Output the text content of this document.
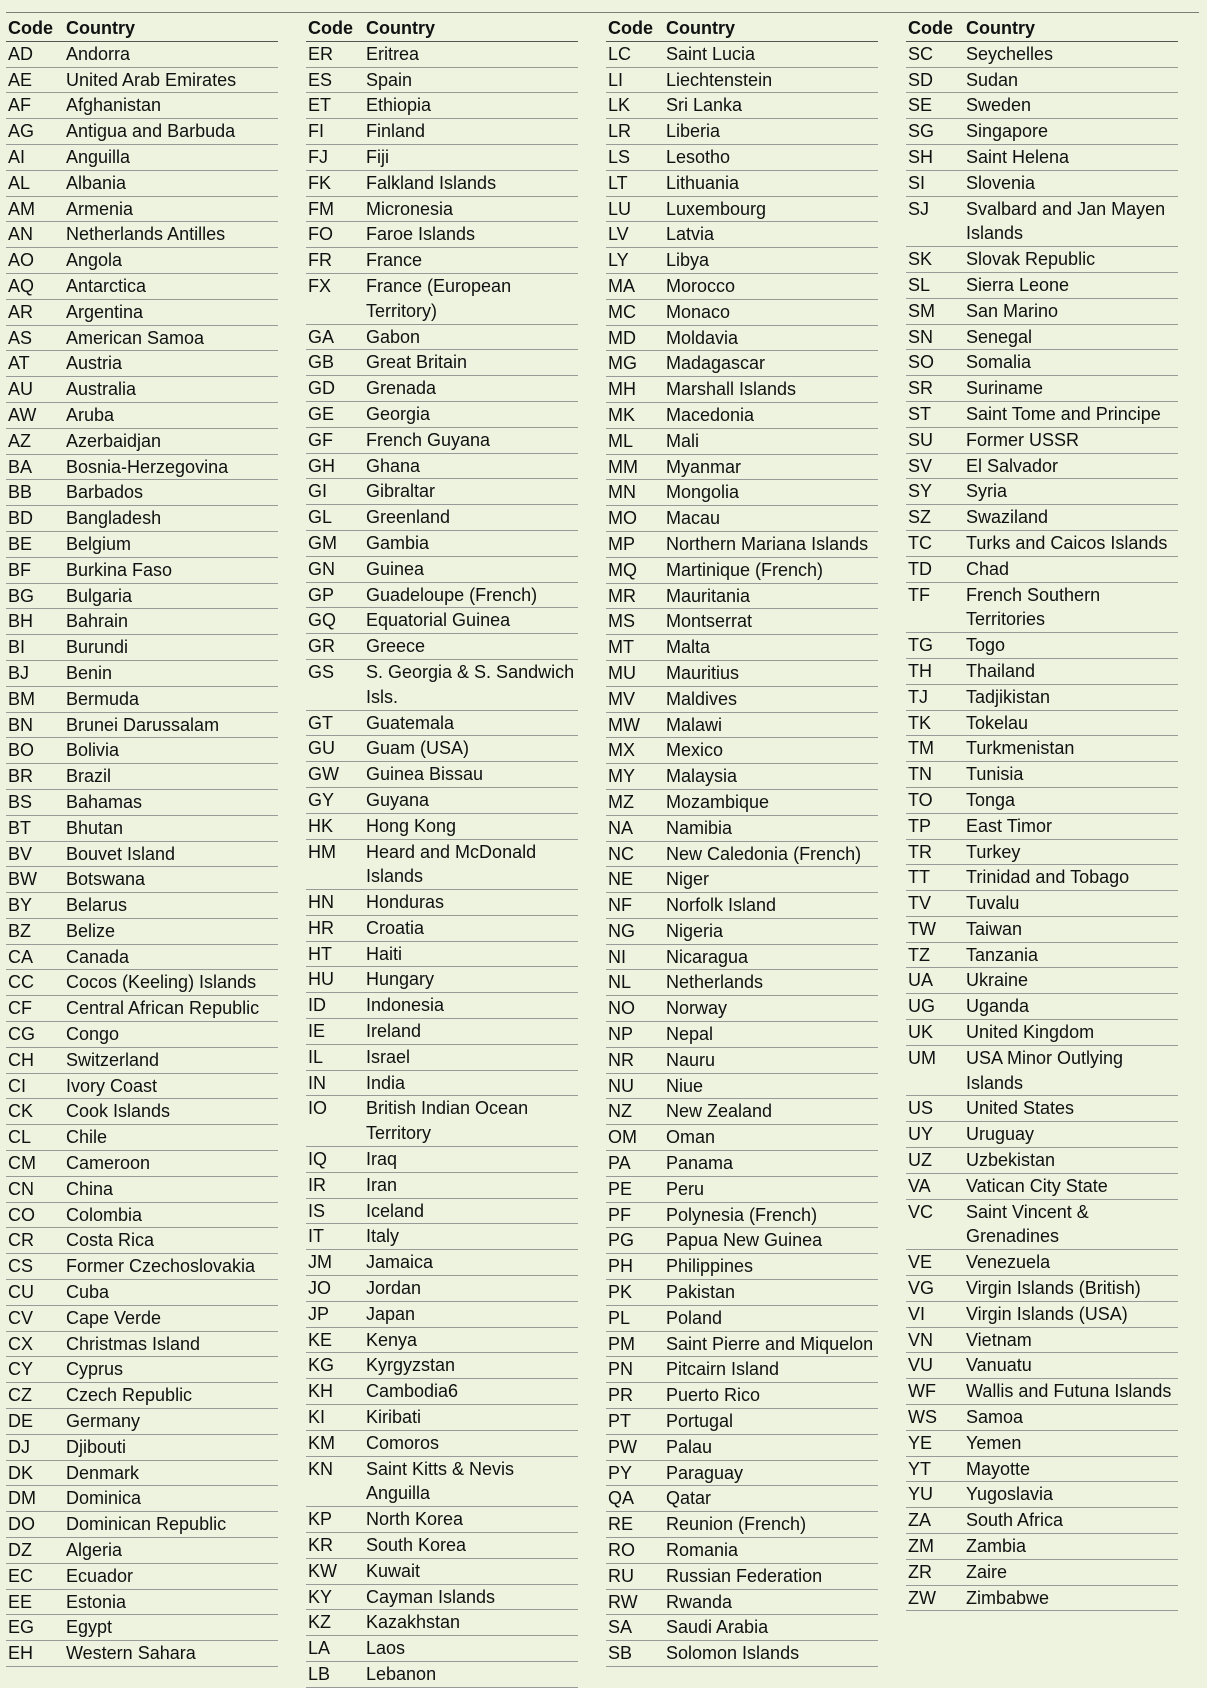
Code Country
AD	Andorra
AE	United Arab Emirates
AF	Afghanistan
AG	Antigua and Barbuda
AI	Anguilla
AL	Albania
AM	Armenia
AN	Netherlands Antilles
AO	Angola
AQ	Antarctica
AR	Argentina
AS	American Samoa
AT	Austria
AU	Australia
AW	Aruba
AZ	Azerbaidjan
BA	Bosnia-Herzegovina
BB	Barbados
BD	Bangladesh
BE	Belgium
BF	Burkina Faso
BG	Bulgaria
BH	Bahrain
BI	Burundi
BJ	Benin
BM	Bermuda
BN	Brunei Darussalam
BO	Bolivia
BR	Brazil
BS	Bahamas
BT	Bhutan
BV	Bouvet Island
BW	Botswana
BY	Belarus
BZ	Belize
CA	Canada
CC	Cocos (Keeling) Islands
CF	Central African Republic
CG	Congo
CH	Switzerland
CI	Ivory Coast
CK	Cook Islands
CL	Chile
CM	Cameroon
CN	China
CO	Colombia
CR	Costa Rica
CS	Former Czechoslovakia
CU	Cuba
CV	Cape Verde
CX	Christmas Island
CY	Cyprus
CZ	Czech Republic
DE	Germany
DJ	Djibouti
DK	Denmark
DM	Dominica
DO	Dominican Republic
DZ	Algeria
EC	Ecuador
EE	Estonia
EG	Egypt
EH	Western Sahara
Code Country
ER	Eritrea
ES	Spain
ET	Ethiopia
FI	Finland
FJ	Fiji
FK	Falkland Islands
FM	Micronesia
FO	Faroe Islands
FR	France
FX	France (European
Territory)
GA	Gabon
GB	Great Britain
GD	Grenada
GE	Georgia
GF	French Guyana
GH	Ghana
GI	Gibraltar
GL	Greenland
GM	Gambia
GN	Guinea
GP	Guadeloupe (French)
GQ	Equatorial Guinea
GR	Greece
GS	S. Georgia & S. Sandwich
Isls.
GT	Guatemala
GU	Guam (USA)
GW	Guinea Bissau
GY	Guyana
HK	Hong Kong
HM	Heard and McDonald
Islands
HN	Honduras
HR	Croatia
HT	Haiti
HU	Hungary
ID	Indonesia
IE	Ireland
IL	Israel
IN	India
IO	British Indian Ocean
Territory
IQ	Iraq
IR	Iran
IS	Iceland
IT	Italy
JM	Jamaica
JO	Jordan
JP	Japan
KE	Kenya
KG	Kyrgyzstan
KH	Cambodia6
KI	Kiribati
KM	Comoros
KN	Saint Kitts & Nevis Anguilla
KP	North Korea
KR	South Korea
KW	Kuwait
KY	Cayman Islands
KZ	Kazakhstan
LA	Laos
LB	Lebanon
Code Country
LC	Saint Lucia
LI	Liechtenstein
LK	Sri Lanka
LR	Liberia
LS	Lesotho
LT	Lithuania
LU	Luxembourg
LV	Latvia
LY	Libya
MA	Morocco
MC	Monaco
MD	Moldavia
MG	Madagascar
MH	Marshall Islands
MK	Macedonia
ML	Mali
MM	Myanmar
MN	Mongolia
MO	Macau
MP	Northern Mariana Islands
MQ	Martinique (French)
MR	Mauritania
MS	Montserrat
MT	Malta
MU	Mauritius
MV	Maldives
MW	Malawi
MX	Mexico
MY	Malaysia
MZ	Mozambique
NA	Namibia
NC	New Caledonia (French)
NE	Niger
NF	Norfolk Island
NG	Nigeria
NI	Nicaragua
NL	Netherlands
NO	Norway
NP	Nepal
NR	Nauru
NU	Niue
NZ	New Zealand
OM	Oman
PA	Panama
PE	Peru
PF	Polynesia (French)
PG	Papua New Guinea
PH	Philippines
PK	Pakistan
PL	Poland
PM	Saint Pierre and Miquelon
PN	Pitcairn Island
PR	Puerto Rico
PT	Portugal
PW	Palau
PY	Paraguay
QA	Qatar
RE	Reunion (French)
RO	Romania
RU	Russian Federation
RW	Rwanda
SA	Saudi Arabia
SB	Solomon Islands
Code Country
SC	Seychelles
SD	Sudan
SE	Sweden
SG	Singapore
SH	Saint Helena
SI	Slovenia
SJ	Svalbard and Jan Mayen
Islands
SK	Slovak Republic
SL	Sierra Leone
SM	San Marino
SN	Senegal
SO	Somalia
SR	Suriname
ST	Saint Tome and Principe
SU	Former USSR
SV	El Salvador
SY	Syria
SZ	Swaziland
TC	Turks and Caicos Islands
TD	Chad
TF	French Southern
Territories
TG	Togo
TH	Thailand
TJ	Tadjikistan
TK	Tokelau
TM	Turkmenistan
TN	Tunisia
TO	Tonga
TP	East Timor
TR	Turkey
TT	Trinidad and Tobago
TV	Tuvalu
TW	Taiwan
TZ	Tanzania
UA	Ukraine
UG	Uganda
UK	United Kingdom
UM	USA Minor Outlying
Islands
US	United States
UY	Uruguay
UZ	Uzbekistan
VA	Vatican City State
VC	Saint Vincent &
Grenadines
VE	Venezuela
VG	Virgin Islands (British)
VI	Virgin Islands (USA)
VN	Vietnam
VU	Vanuatu
WF	Wallis and Futuna Islands
WS	Samoa
YE	Yemen
YT	Mayotte
YU	Yugoslavia
ZA	South Africa
ZM	Zambia
ZR	Zaire
ZW	Zimbabwe
